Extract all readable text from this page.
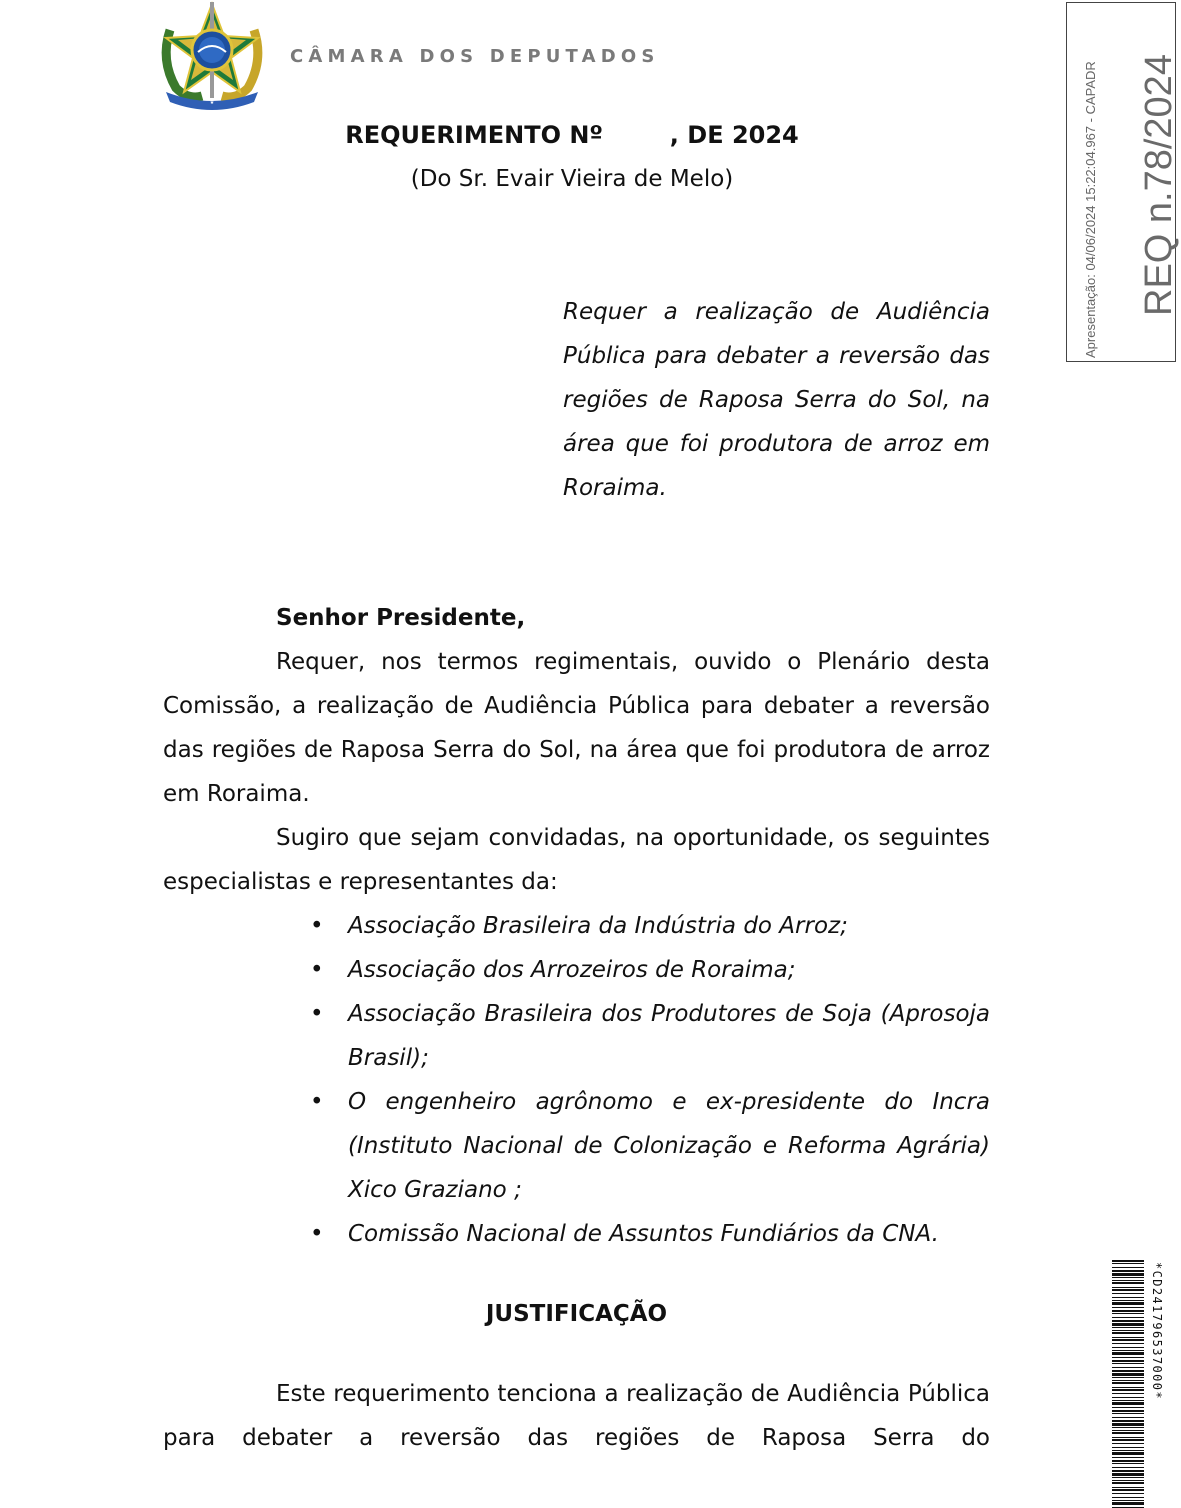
★
CÂMARA DOS DEPUTADOS
REQUERIMENTO Nº        , DE 2024
(Do Sr. Evair Vieira de Melo)
Requer a realização de Audiência Pública para debater a reversão das regiões de Raposa Serra do Sol, na área que foi produtora de arroz em Roraima.
Senhor Presidente,

Requer, nos termos regimentais, ouvido o Plenário desta Comissão, a realização de Audiência Pública para debater a reversão das regiões de Raposa Serra do Sol, na área que foi produtora de arroz em Roraima.

Sugiro que sejam convidadas, na oportunidade, os seguintes especialistas e representantes da:

• Associação Brasileira da Indústria do Arroz;
• Associação dos Arrozeiros de Roraima;
• Associação Brasileira dos Produtores de Soja (Aprosoja Brasil);
• O engenheiro agrônomo e ex-presidente do Incra (Instituto Nacional de Colonização e Reforma Agrária) Xico Graziano ;
• Comissão Nacional de Assuntos Fundiários da CNA.
JUSTIFICAÇÃO

Este requerimento tenciona a realização de Audiência Pública para debater a reversão das regiões de Raposa Serra do

REQ n.78/2024
Apresentação: 04/06/2024 15:22:04.967 - CAPADR
*CD241796537000*
